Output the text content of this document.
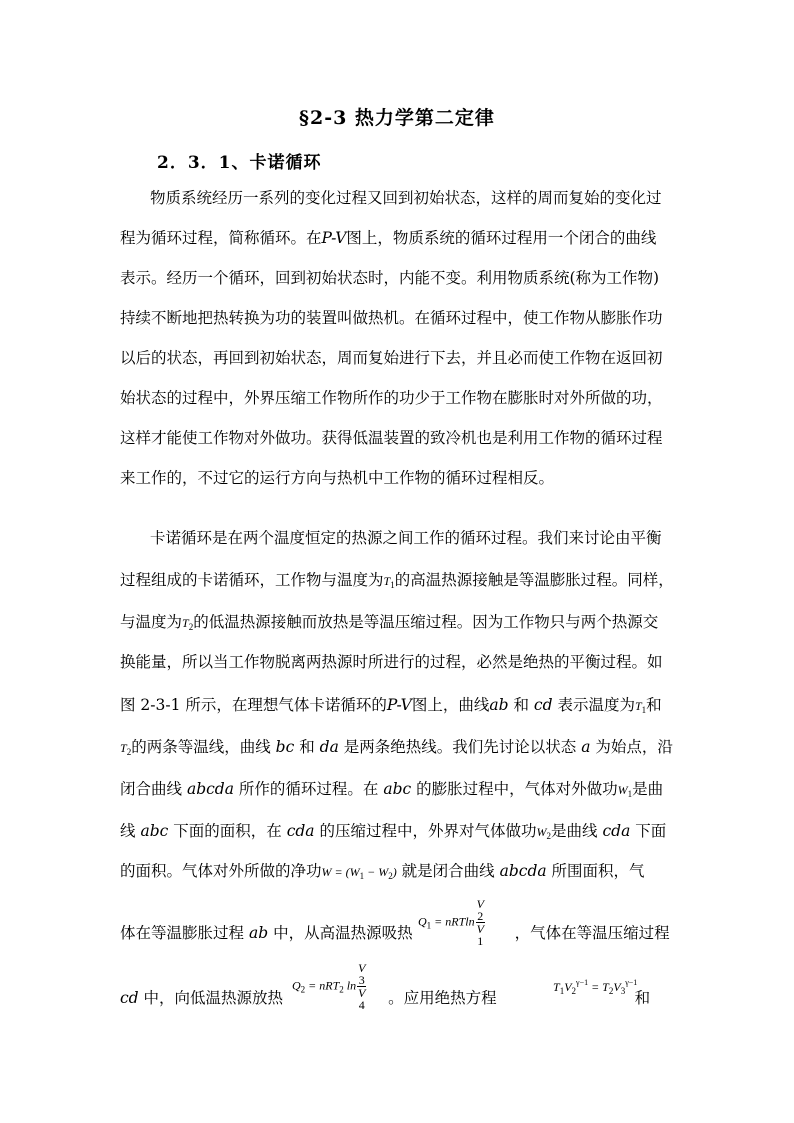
§2-3 热力学第二定律
2．3．1、卡诺循环
物质系统经历一系列的变化过程又回到初始状态，这样的周而复始的变化过
程为循环过程，简称循环。在P-V图上，物质系统的循环过程用一个闭合的曲线
表示。经历一个循环，回到初始状态时，内能不变。利用物质系统(称为工作物)
持续不断地把热转换为功的装置叫做热机。在循环过程中，使工作物从膨胀作功
以后的状态，再回到初始状态，周而复始进行下去，并且必而使工作物在返回初
始状态的过程中，外界压缩工作物所作的功少于工作物在膨胀时对外所做的功，
这样才能使工作物对外做功。获得低温装置的致冷机也是利用工作物的循环过程
来工作的，不过它的运行方向与热机中工作物的循环过程相反。
卡诺循环是在两个温度恒定的热源之间工作的循环过程。我们来讨论由平衡
过程组成的卡诺循环，工作物与温度为$T_1$的高温热源接触是等温膨胀过程。同样，
与温度为$T_2$的低温热源接触而放热是等温压缩过程。因为工作物只与两个热源交
换能量，所以当工作物脱离两热源时所进行的过程，必然是绝热的平衡过程。如
图 2-3-1 所示，在理想气体卡诺循环的P-V图上，曲线ab 和 cd 表示温度为$T_1$和
$T_2$的两条等温线，曲线 bc 和 da 是两条绝热线。我们先讨论以状态 a 为始点，沿
闭合曲线 abcda 所作的循环过程。在 abc 的膨胀过程中，气体对外做功$W_1$是曲
线 abc 下面的面积，在 cda 的压缩过程中，外界对气体做功$W_2$是曲线 cda 下面
的面积。气体对外所做的净功$W = (W_1 - W_2)$ 就是闭合曲线 abcda 所围面积，气
$Q_1 = nRTln$ V
2
V
1
体在等温膨胀过程 ab 中，从高温热源吸热	，气体在等温压缩过程
$Q_2 = nRT_2$ ln V
3
V
4	$T_1V_2^{\gamma-1} = T_2V_3^{\gamma-1}$
cd 中，向低温热源放热	。应用绝热方程	和
